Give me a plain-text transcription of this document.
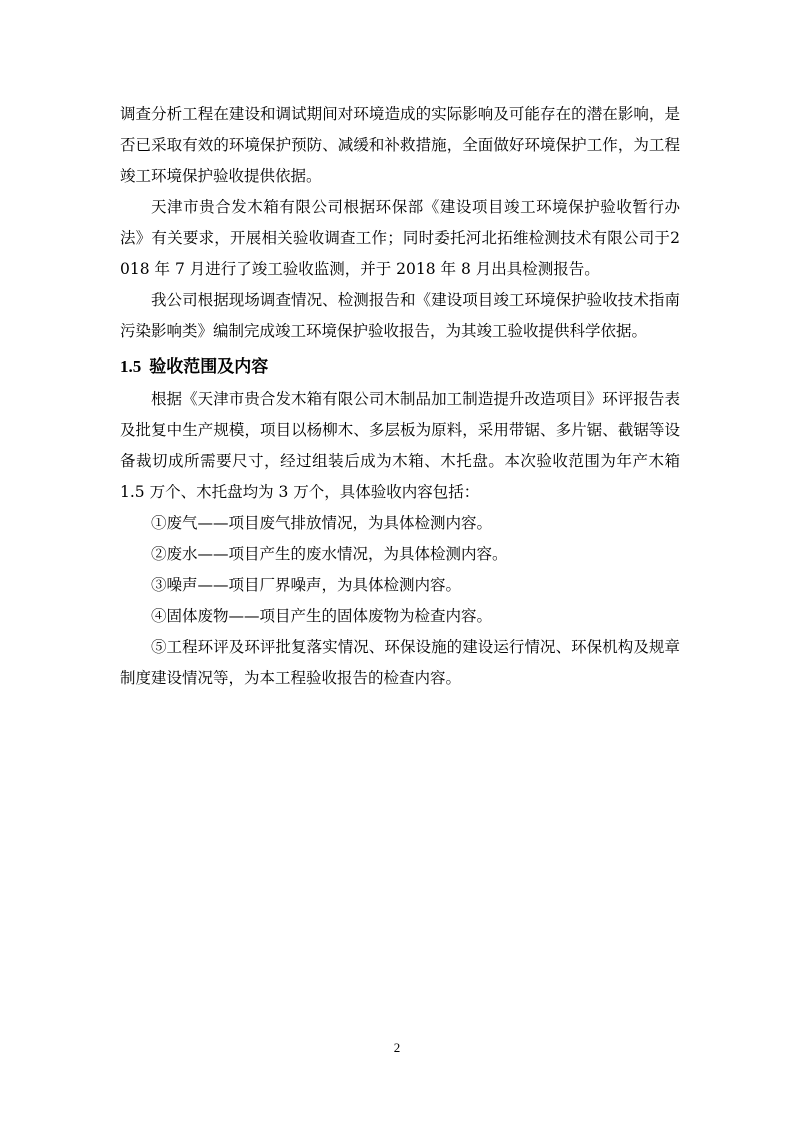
调查分析工程在建设和调试期间对环境造成的实际影响及可能存在的潜在影响，是否已采取有效的环境保护预防、减缓和补救措施，全面做好环境保护工作，为工程竣工环境保护验收提供依据。

天津市贵合发木箱有限公司根据环保部《建设项目竣工环境保护验收暂行办法》有关要求，开展相关验收调查工作；同时委托河北拓维检测技术有限公司于2018 年 7 月进行了竣工验收监测，并于 2018 年 8 月出具检测报告。

我公司根据现场调查情况、检测报告和《建设项目竣工环境保护验收技术指南 污染影响类》编制完成竣工环境保护验收报告，为其竣工验收提供科学依据。

1.5 验收范围及内容

根据《天津市贵合发木箱有限公司木制品加工制造提升改造项目》环评报告表及批复中生产规模，项目以杨柳木、多层板为原料，采用带锯、多片锯、截锯等设备裁切成所需要尺寸，经过组装后成为木箱、木托盘。本次验收范围为年产木箱 1.5 万个、木托盘均为 3 万个，具体验收内容包括：

①废气——项目废气排放情况，为具体检测内容。

②废水——项目产生的废水情况，为具体检测内容。

③噪声——项目厂界噪声，为具体检测内容。

④固体废物——项目产生的固体废物为检查内容。

⑤工程环评及环评批复落实情况、环保设施的建设运行情况、环保机构及规章制度建设情况等，为本工程验收报告的检查内容。

2
